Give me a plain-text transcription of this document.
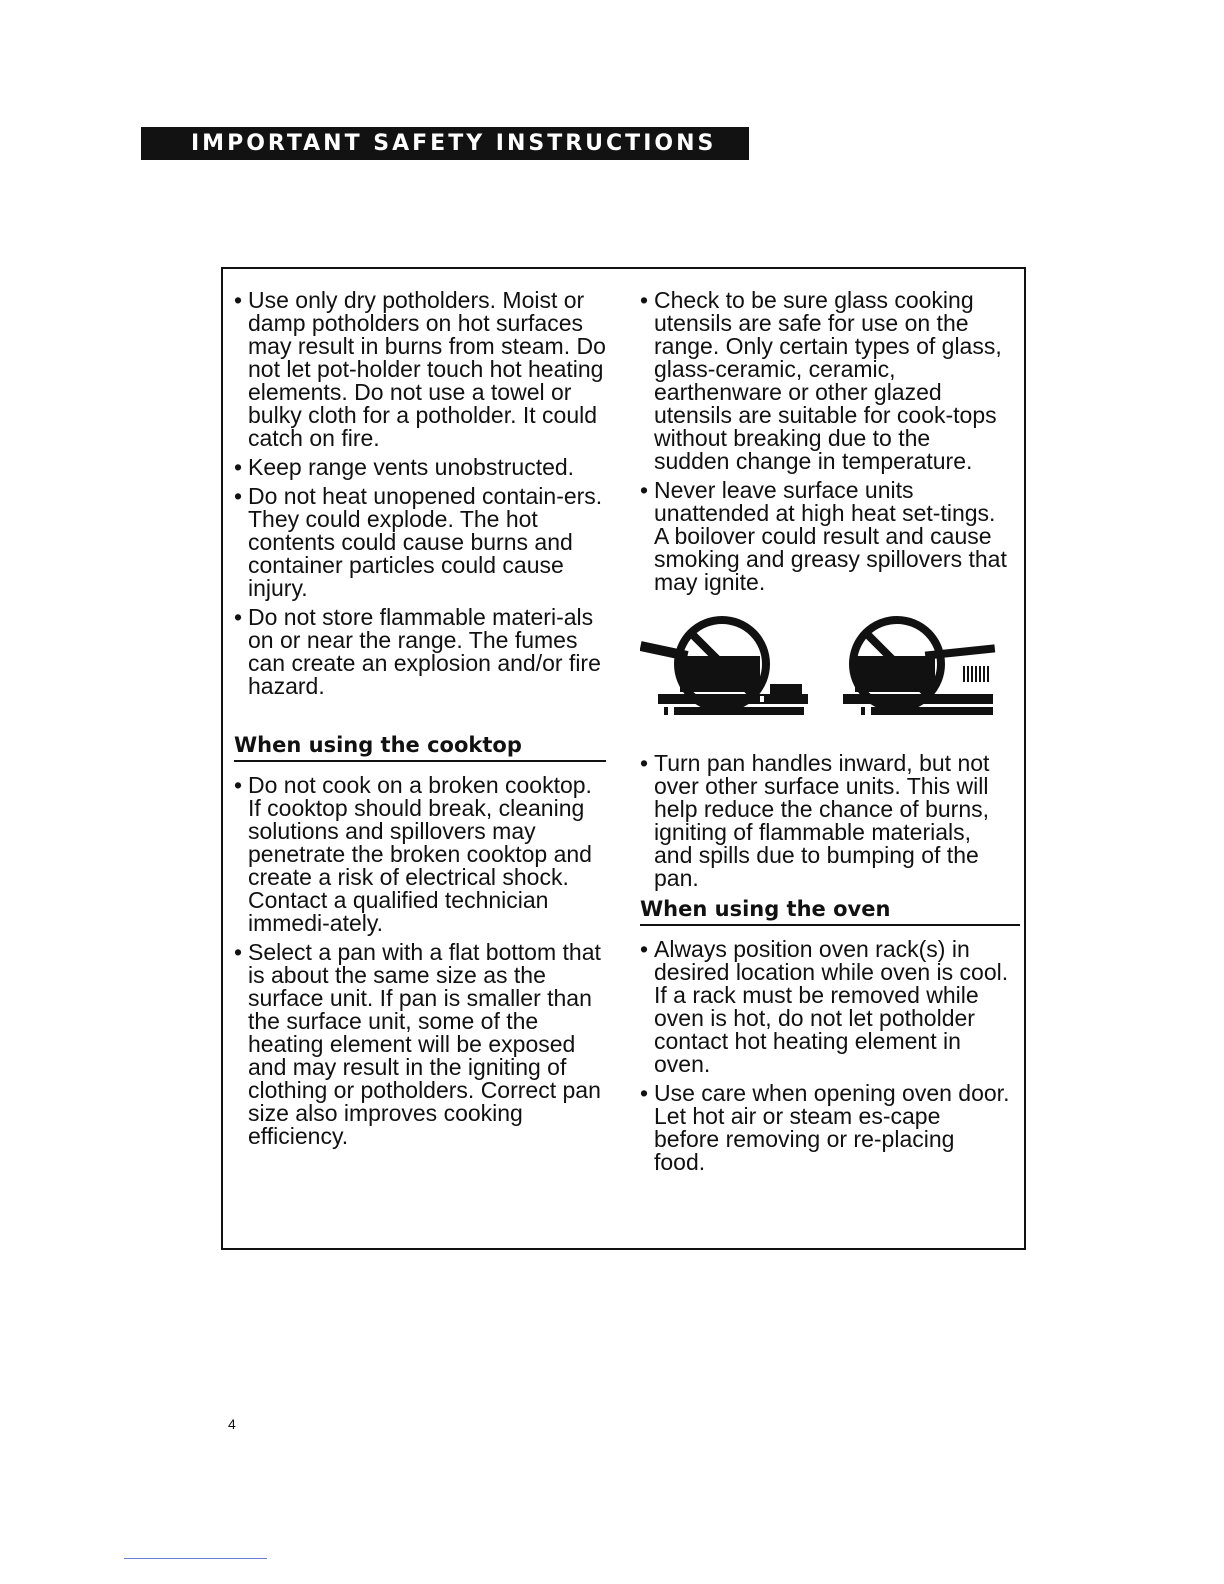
IMPORTANT SAFETY INSTRUCTIONS

• Use only dry potholders. Moist or damp potholders on hot surfaces may result in burns from steam. Do not let pot-holder touch hot heating elements. Do not use a towel or bulky cloth for a potholder. It could catch on fire.

• Keep range vents unobstructed.

• Do not heat unopened contain-ers. They could explode. The hot contents could cause burns and container particles could cause injury.

• Do not store flammable materi-als on or near the range. The fumes can create an explosion and/or fire hazard.

When using the cooktop

• Do not cook on a broken cooktop. If cooktop should break, cleaning solutions and spillovers may penetrate the broken cooktop and create a risk of electrical shock. Contact a qualified technician immedi-ately.

• Select a pan with a flat bottom that is about the same size as the surface unit. If pan is smaller than the surface unit, some of the heating element will be exposed and may result in the igniting of clothing or potholders. Correct pan size also improves cooking efficiency.

• Check to be sure glass cooking utensils are safe for use on the range. Only certain types of glass, glass-ceramic, ceramic, earthenware or other glazed utensils are suitable for cook-tops without breaking due to the sudden change in temperature.

• Never leave surface units unattended at high heat set-tings. A boilover could result and cause smoking and greasy spillovers that may ignite.

• Turn pan handles inward, but not over other surface units. This will help reduce the chance of burns, igniting of flammable materials, and spills due to bumping of the pan.

When using the oven

• Always position oven rack(s) in desired location while oven is cool. If a rack must be removed while oven is hot, do not let potholder contact hot heating element in oven.

• Use care when opening oven door. Let hot air or steam es-cape before removing or re-placing food.

4
